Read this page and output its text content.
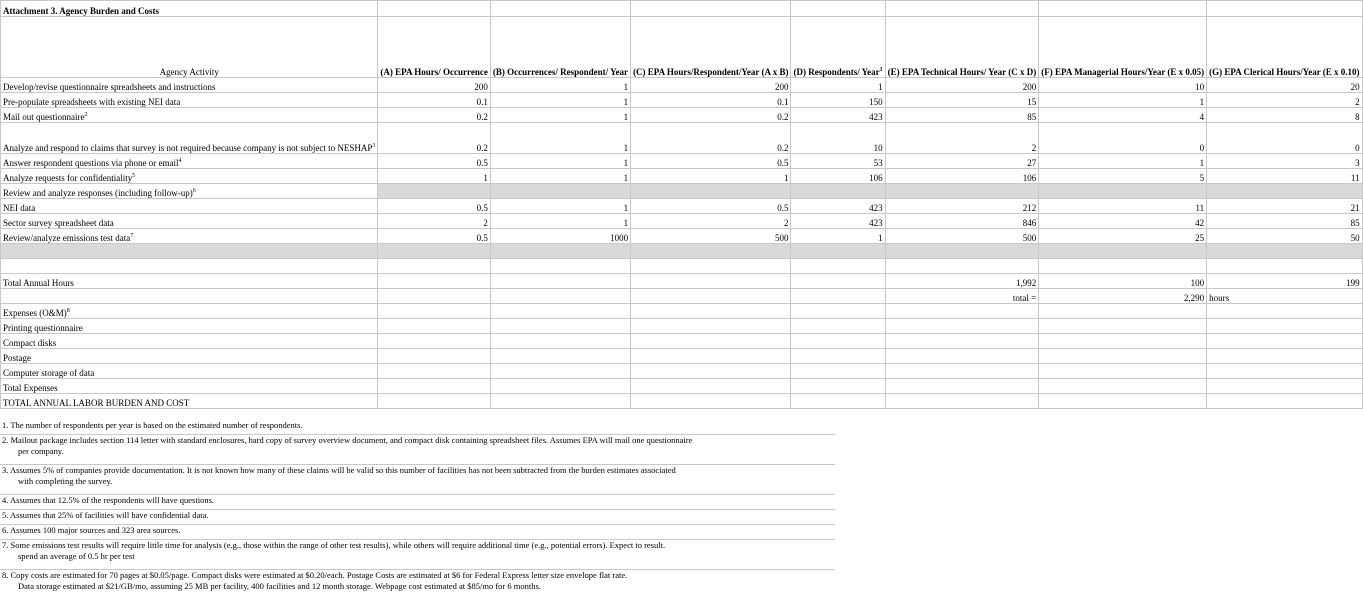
Attachment 3. Agency Burden and Costs							
Agency Activity	(A) EPA Hours/ Occurrence	(B) Occurrences/ Respondent/ Year	(C) EPA Hours/Respondent/Year (A x B)	(D) Respondents/ Year$^1$	(E) EPA Technical Hours/ Year (C x D)	(F) EPA Managerial Hours/Year (E x 0.05)	(G) EPA Clerical Hours/Year (E x 0.10)
Develop/revise questionnaire spreadsheets and instructions	200	1	200	1	200	10	20
Pre-populate spreadsheets with existing NEI data	0.1	1	0.1	150	15	1	2
Mail out questionnaire$^2$	0.2	1	0.2	423	85	4	8
Analyze and respond to claims that survey is not required because company is not subject to NESHAP$^3$	0.2	1	0.2	10	2	0	0
Answer respondent questions via phone or email$^4$	0.5	1	0.5	53	27	1	3
Analyze requests for confidentiality$^5$	1	1	1	106	106	5	11
Review and analyze responses (including follow-up)$^6$							
NEI data	0.5	1	0.5	423	212	11	21
Sector survey spreadsheet data	2	1	2	423	846	42	85
Review/analyze emissions test data$^7$	0.5	1000	500	1	500	25	50

Total Annual Hours					1,992	100	199
					total =	2,290	hours
Expenses (O&M)$^8$							
Printing questionnaire							
Compact disks							
Postage							
Computer storage of data							
Total Expenses							
TOTAL ANNUAL LABOR BURDEN AND COST							
1. The number of respondents per year is based on the estimated number of respondents.
2. Mailout package includes section 114 letter with standard enclosures, hard copy of survey overview document, and compact disk containing spreadsheet files. Assumes EPA will mail one questionnaire
per company.
3. Assumes 5% of companies provide documentation. It is not known how many of these claims will be valid so this number of facilities has not been subtracted from the burden estimates associated
with completing the survey.
4. Assumes that 12.5% of the respondents will have questions.
5. Assumes that 25% of facilities will have confidential data.
6. Assumes 100 major sources and 323 area sources.
7. Some emissions test results will require little time for analysis (e.g., those within the range of other test results), while others will require additional time (e.g., potential errors). Expect to result.
spend an average of 0.5 hr per test
8. Copy costs are estimated for 70 pages at $0.05/page. Compact disks were estimated at $0.20/each. Postage Costs are estimated at $6 for Federal Express letter size envelope flat rate.
Data storage estimated at $21/GB/mo, assuming 25 MB per facility, 400 facilities and 12 month storage. Webpage cost estimated at $85/mo for 6 months.
